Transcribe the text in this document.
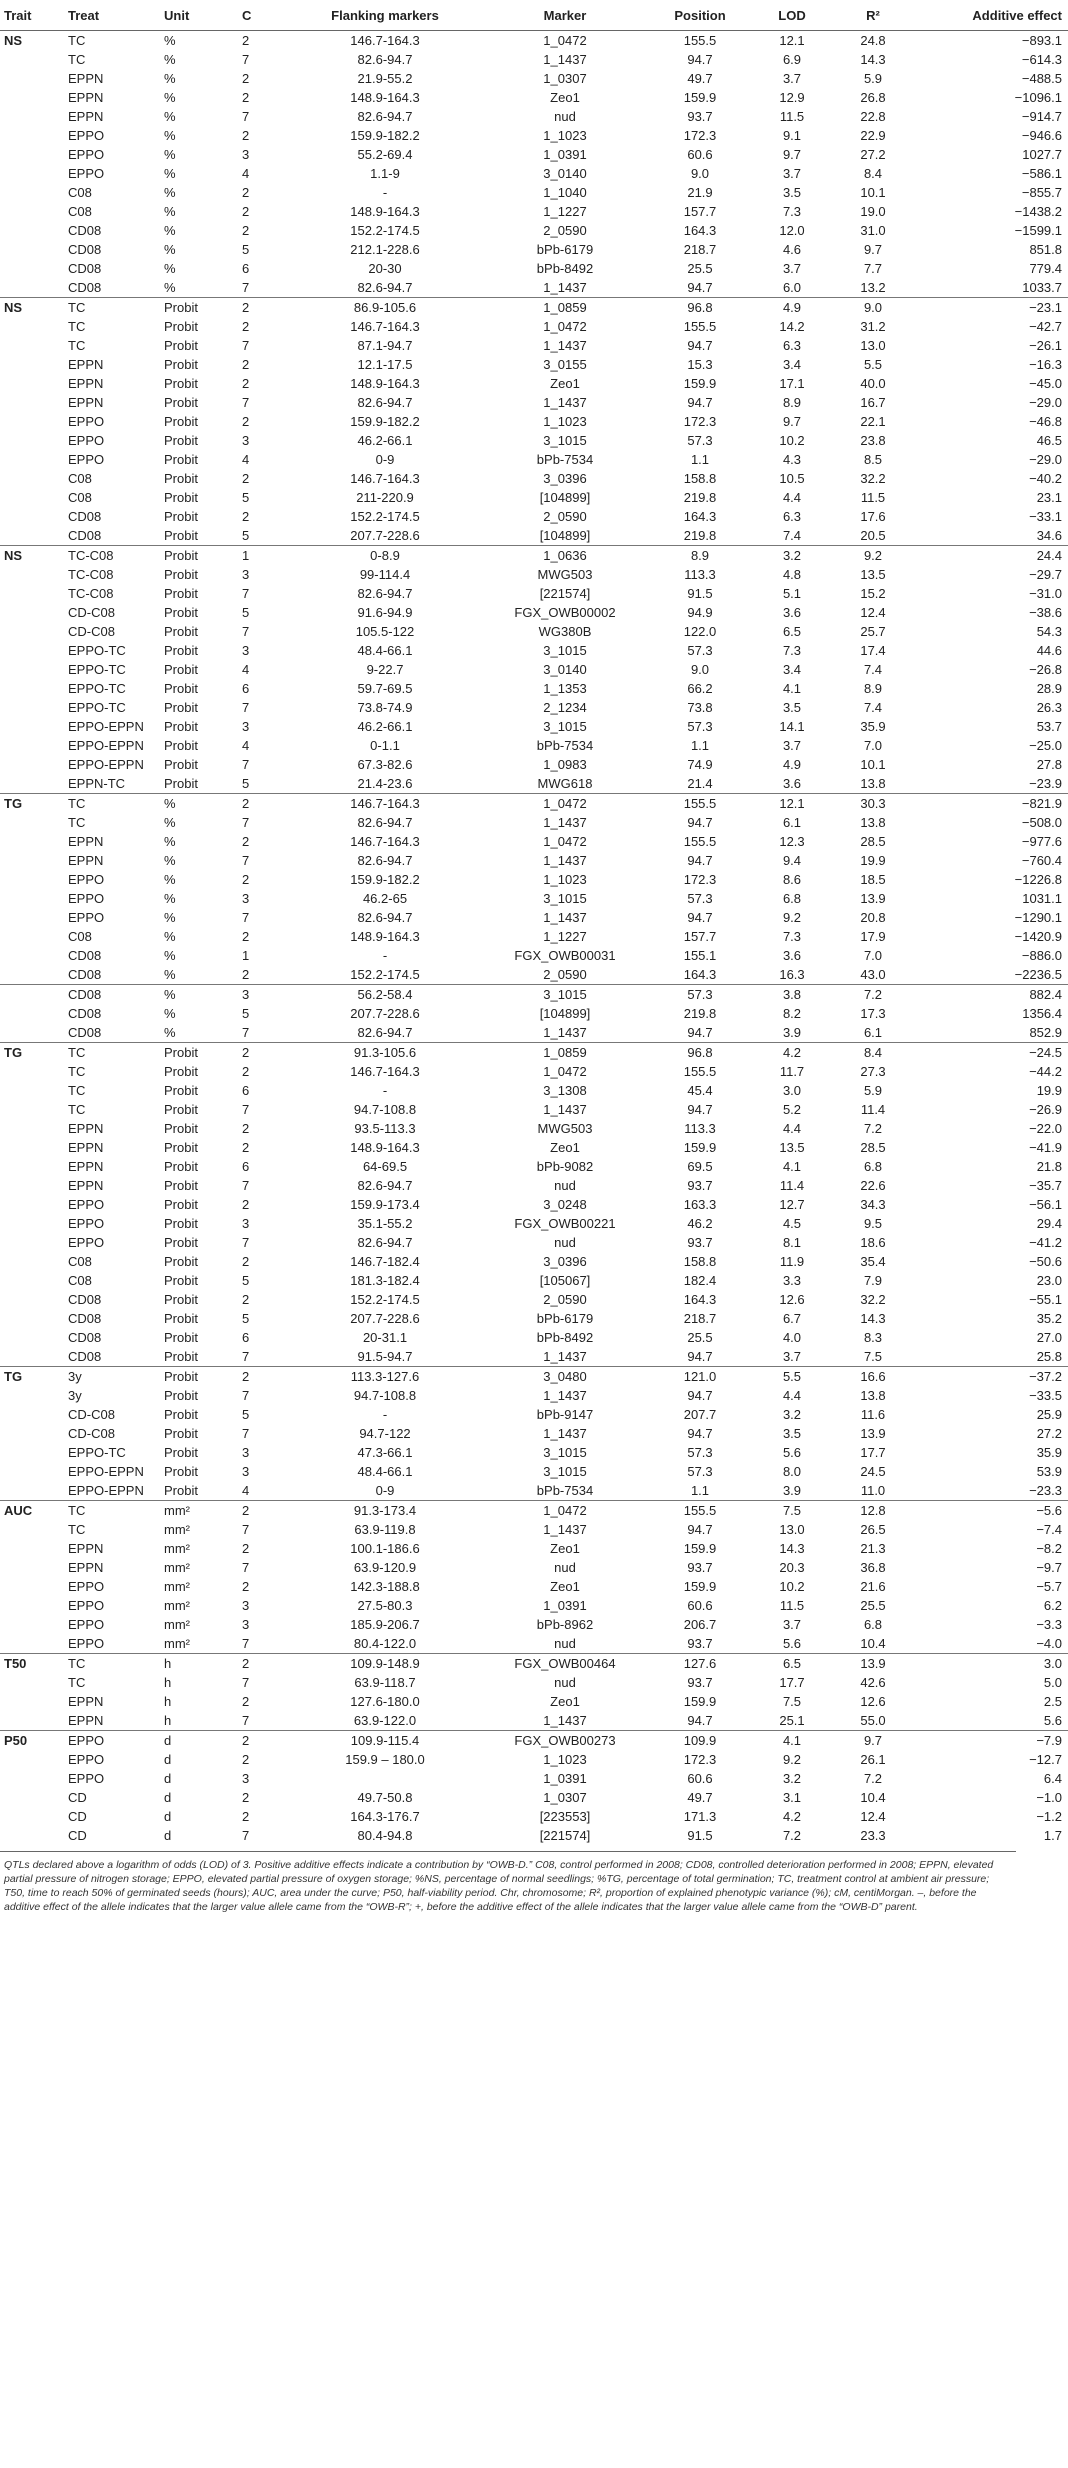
Trait	Treat	Unit	C	Flanking markers	Marker	Position	LOD	R²	Additive effect
NS	TC	%	2	146.7-164.3	1_0472	155.5	12.1	24.8	−893.1
	TC	%	7	82.6-94.7	1_1437	94.7	6.9	14.3	−614.3
	EPPN	%	2	21.9-55.2	1_0307	49.7	3.7	5.9	−488.5
	EPPN	%	2	148.9-164.3	Zeo1	159.9	12.9	26.8	−1096.1
	EPPN	%	7	82.6-94.7	nud	93.7	11.5	22.8	−914.7
	EPPO	%	2	159.9-182.2	1_1023	172.3	9.1	22.9	−946.6
	EPPO	%	3	55.2-69.4	1_0391	60.6	9.7	27.2	1027.7
	EPPO	%	4	1.1-9	3_0140	9.0	3.7	8.4	−586.1
	C08	%	2	-	1_1040	21.9	3.5	10.1	−855.7
	C08	%	2	148.9-164.3	1_1227	157.7	7.3	19.0	−1438.2
	CD08	%	2	152.2-174.5	2_0590	164.3	12.0	31.0	−1599.1
	CD08	%	5	212.1-228.6	bPb-6179	218.7	4.6	9.7	851.8
	CD08	%	6	20-30	bPb-8492	25.5	3.7	7.7	779.4
	CD08	%	7	82.6-94.7	1_1437	94.7	6.0	13.2	1033.7
NS	TC	Probit	2	86.9-105.6	1_0859	96.8	4.9	9.0	−23.1
	TC	Probit	2	146.7-164.3	1_0472	155.5	14.2	31.2	−42.7
	TC	Probit	7	87.1-94.7	1_1437	94.7	6.3	13.0	−26.1
	EPPN	Probit	2	12.1-17.5	3_0155	15.3	3.4	5.5	−16.3
	EPPN	Probit	2	148.9-164.3	Zeo1	159.9	17.1	40.0	−45.0
	EPPN	Probit	7	82.6-94.7	1_1437	94.7	8.9	16.7	−29.0
	EPPO	Probit	2	159.9-182.2	1_1023	172.3	9.7	22.1	−46.8
	EPPO	Probit	3	46.2-66.1	3_1015	57.3	10.2	23.8	46.5
	EPPO	Probit	4	0-9	bPb-7534	1.1	4.3	8.5	−29.0
	C08	Probit	2	146.7-164.3	3_0396	158.8	10.5	32.2	−40.2
	C08	Probit	5	211-220.9	[104899]	219.8	4.4	11.5	23.1
	CD08	Probit	2	152.2-174.5	2_0590	164.3	6.3	17.6	−33.1
	CD08	Probit	5	207.7-228.6	[104899]	219.8	7.4	20.5	34.6
NS	TC-C08	Probit	1	0-8.9	1_0636	8.9	3.2	9.2	24.4
	TC-C08	Probit	3	99-114.4	MWG503	113.3	4.8	13.5	−29.7
	TC-C08	Probit	7	82.6-94.7	[221574]	91.5	5.1	15.2	−31.0
	CD-C08	Probit	5	91.6-94.9	FGX_OWB00002	94.9	3.6	12.4	−38.6
	CD-C08	Probit	7	105.5-122	WG380B	122.0	6.5	25.7	54.3
	EPPO-TC	Probit	3	48.4-66.1	3_1015	57.3	7.3	17.4	44.6
	EPPO-TC	Probit	4	9-22.7	3_0140	9.0	3.4	7.4	−26.8
	EPPO-TC	Probit	6	59.7-69.5	1_1353	66.2	4.1	8.9	28.9
	EPPO-TC	Probit	7	73.8-74.9	2_1234	73.8	3.5	7.4	26.3
	EPPO-EPPN	Probit	3	46.2-66.1	3_1015	57.3	14.1	35.9	53.7
	EPPO-EPPN	Probit	4	0-1.1	bPb-7534	1.1	3.7	7.0	−25.0
	EPPO-EPPN	Probit	7	67.3-82.6	1_0983	74.9	4.9	10.1	27.8
	EPPN-TC	Probit	5	21.4-23.6	MWG618	21.4	3.6	13.8	−23.9
TG	TC	%	2	146.7-164.3	1_0472	155.5	12.1	30.3	−821.9
	TC	%	7	82.6-94.7	1_1437	94.7	6.1	13.8	−508.0
	EPPN	%	2	146.7-164.3	1_0472	155.5	12.3	28.5	−977.6
	EPPN	%	7	82.6-94.7	1_1437	94.7	9.4	19.9	−760.4
	EPPO	%	2	159.9-182.2	1_1023	172.3	8.6	18.5	−1226.8
	EPPO	%	3	46.2-65	3_1015	57.3	6.8	13.9	1031.1
	EPPO	%	7	82.6-94.7	1_1437	94.7	9.2	20.8	−1290.1
	C08	%	2	148.9-164.3	1_1227	157.7	7.3	17.9	−1420.9
	CD08	%	1	-	FGX_OWB00031	155.1	3.6	7.0	−886.0
	CD08	%	2	152.2-174.5	2_0590	164.3	16.3	43.0	−2236.5
	CD08	%	3	56.2-58.4	3_1015	57.3	3.8	7.2	882.4
	CD08	%	5	207.7-228.6	[104899]	219.8	8.2	17.3	1356.4
	CD08	%	7	82.6-94.7	1_1437	94.7	3.9	6.1	852.9
TG	TC	Probit	2	91.3-105.6	1_0859	96.8	4.2	8.4	−24.5
	TC	Probit	2	146.7-164.3	1_0472	155.5	11.7	27.3	−44.2
	TC	Probit	6	-	3_1308	45.4	3.0	5.9	19.9
	TC	Probit	7	94.7-108.8	1_1437	94.7	5.2	11.4	−26.9
	EPPN	Probit	2	93.5-113.3	MWG503	113.3	4.4	7.2	−22.0
	EPPN	Probit	2	148.9-164.3	Zeo1	159.9	13.5	28.5	−41.9
	EPPN	Probit	6	64-69.5	bPb-9082	69.5	4.1	6.8	21.8
	EPPN	Probit	7	82.6-94.7	nud	93.7	11.4	22.6	−35.7
	EPPO	Probit	2	159.9-173.4	3_0248	163.3	12.7	34.3	−56.1
	EPPO	Probit	3	35.1-55.2	FGX_OWB00221	46.2	4.5	9.5	29.4
	EPPO	Probit	7	82.6-94.7	nud	93.7	8.1	18.6	−41.2
	C08	Probit	2	146.7-182.4	3_0396	158.8	11.9	35.4	−50.6
	C08	Probit	5	181.3-182.4	[105067]	182.4	3.3	7.9	23.0
	CD08	Probit	2	152.2-174.5	2_0590	164.3	12.6	32.2	−55.1
	CD08	Probit	5	207.7-228.6	bPb-6179	218.7	6.7	14.3	35.2
	CD08	Probit	6	20-31.1	bPb-8492	25.5	4.0	8.3	27.0
	CD08	Probit	7	91.5-94.7	1_1437	94.7	3.7	7.5	25.8
TG	3y	Probit	2	113.3-127.6	3_0480	121.0	5.5	16.6	−37.2
	3y	Probit	7	94.7-108.8	1_1437	94.7	4.4	13.8	−33.5
	CD-C08	Probit	5	-	bPb-9147	207.7	3.2	11.6	25.9
	CD-C08	Probit	7	94.7-122	1_1437	94.7	3.5	13.9	27.2
	EPPO-TC	Probit	3	47.3-66.1	3_1015	57.3	5.6	17.7	35.9
	EPPO-EPPN	Probit	3	48.4-66.1	3_1015	57.3	8.0	24.5	53.9
	EPPO-EPPN	Probit	4	0-9	bPb-7534	1.1	3.9	11.0	−23.3
AUC	TC	mm²	2	91.3-173.4	1_0472	155.5	7.5	12.8	−5.6
	TC	mm²	7	63.9-119.8	1_1437	94.7	13.0	26.5	−7.4
	EPPN	mm²	2	100.1-186.6	Zeo1	159.9	14.3	21.3	−8.2
	EPPN	mm²	7	63.9-120.9	nud	93.7	20.3	36.8	−9.7
	EPPO	mm²	2	142.3-188.8	Zeo1	159.9	10.2	21.6	−5.7
	EPPO	mm²	3	27.5-80.3	1_0391	60.6	11.5	25.5	6.2
	EPPO	mm²	3	185.9-206.7	bPb-8962	206.7	3.7	6.8	−3.3
	EPPO	mm²	7	80.4-122.0	nud	93.7	5.6	10.4	−4.0
T50	TC	h	2	109.9-148.9	FGX_OWB00464	127.6	6.5	13.9	3.0
	TC	h	7	63.9-118.7	nud	93.7	17.7	42.6	5.0
	EPPN	h	2	127.6-180.0	Zeo1	159.9	7.5	12.6	2.5
	EPPN	h	7	63.9-122.0	1_1437	94.7	25.1	55.0	5.6
P50	EPPO	d	2	109.9-115.4	FGX_OWB00273	109.9	4.1	9.7	−7.9
	EPPO	d	2	159.9 – 180.0	1_1023	172.3	9.2	26.1	−12.7
	EPPO	d	3		1_0391	60.6	3.2	7.2	6.4
	CD	d	2	49.7-50.8	1_0307	49.7	3.1	10.4	−1.0
	CD	d	2	164.3-176.7	[223553]	171.3	4.2	12.4	−1.2
	CD	d	7	80.4-94.8	[221574]	91.5	7.2	23.3	1.7
QTLs declared above a logarithm of odds (LOD) of 3. Positive additive effects indicate a contribution by “OWB-D.” C08, control performed in 2008; CD08, controlled deterioration performed in 2008; EPPN, elevated partial pressure of nitrogen storage; EPPO, elevated partial pressure of oxygen storage; %NS, percentage of normal seedlings; %TG, percentage of total germination; TC, treatment control at ambient air pressure; T50, time to reach 50% of germinated seeds (hours); AUC, area under the curve; P50, half-viability period. Chr, chromosome; R², proportion of explained phenotypic variance (%); cM, centiMorgan. –, before the additive effect of the allele indicates that the larger value allele came from the “OWB-R”; +, before the additive effect of the allele indicates that the larger value allele came from the “OWB-D” parent.
